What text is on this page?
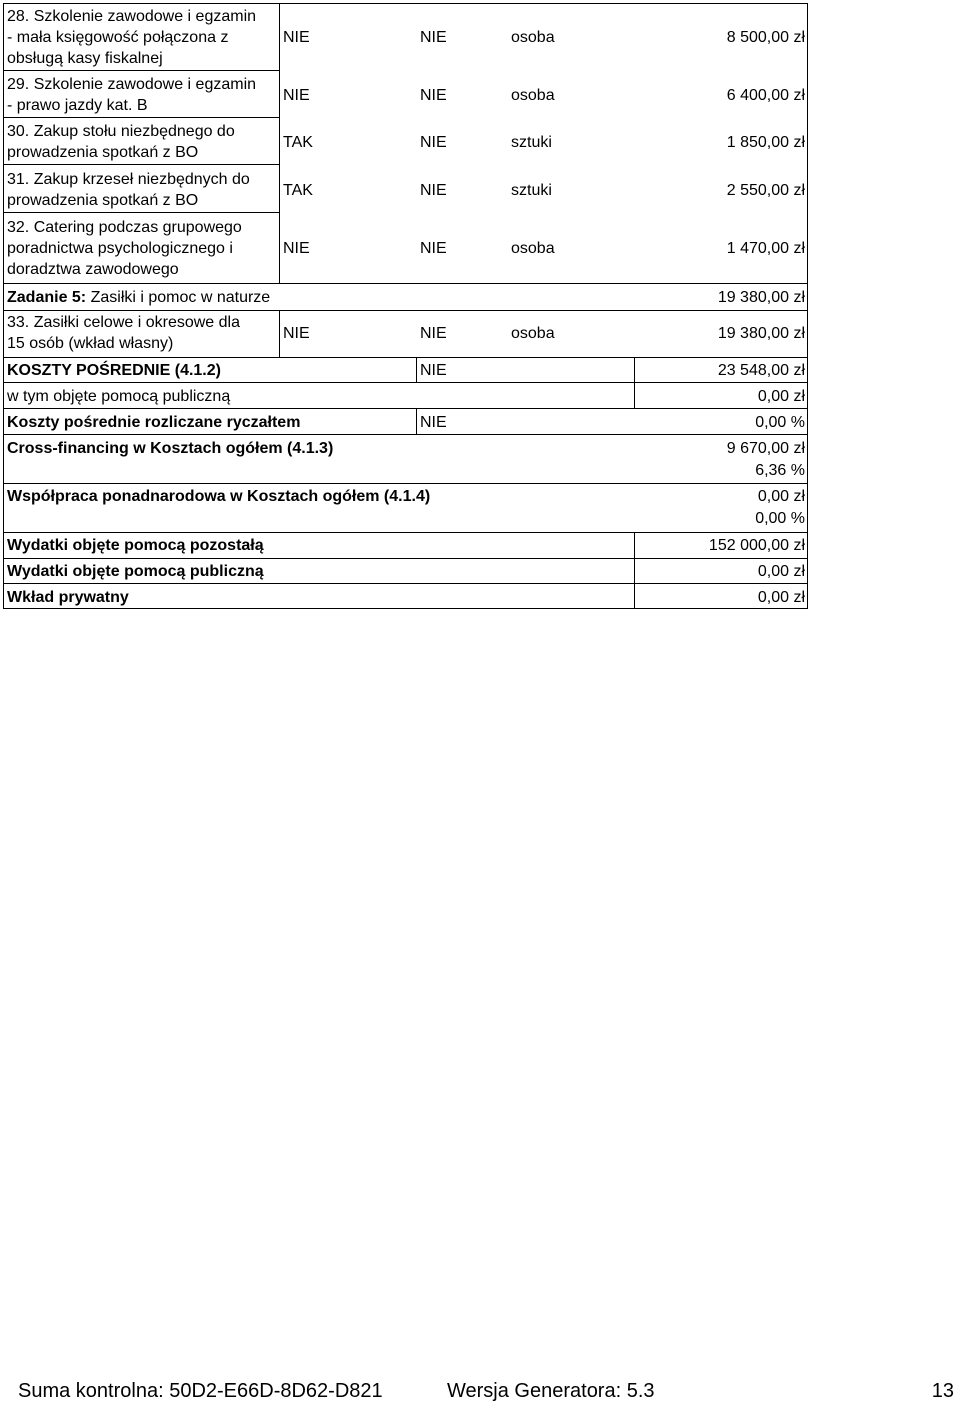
28. Szkolenie zawodowe i egzamin
- mała księgowość połączona z
obsługą kasy fiskalnej
NIE	NIE	osoba	8 500,00 zł
29. Szkolenie zawodowe i egzamin
- prawo jazdy kat. B
NIE	NIE	osoba	6 400,00 zł
30. Zakup stołu niezbędnego do
prowadzenia spotkań z BO
TAK	NIE	sztuki	1 850,00 zł
31. Zakup krzeseł niezbędnych do
prowadzenia spotkań z BO
TAK	NIE	sztuki	2 550,00 zł
32. Catering podczas grupowego
poradnictwa psychologicznego i
doradztwa zawodowego
NIE	NIE	osoba	1 470,00 zł
Zadanie 5: Zasiłki i pomoc w naturze	19 380,00 zł
33. Zasiłki celowe i okresowe dla
15 osób (wkład własny)
NIE	NIE	osoba	19 380,00 zł
KOSZTY POŚREDNIE (4.1.2)	NIE	23 548,00 zł
w tym objęte pomocą publiczną	0,00 zł
Koszty pośrednie rozliczane ryczałtem	NIE	0,00 %
Cross-financing w Kosztach ogółem (4.1.3)	9 670,00 zł
6,36 %
Współpraca ponadnarodowa w Kosztach ogółem (4.1.4)	0,00 zł
0,00 %
Wydatki objęte pomocą pozostałą	152 000,00 zł
Wydatki objęte pomocą publiczną	0,00 zł
Wkład prywatny	0,00 zł
Suma kontrolna: 50D2-E66D-8D62-D821	Wersja Generatora: 5.3	13
